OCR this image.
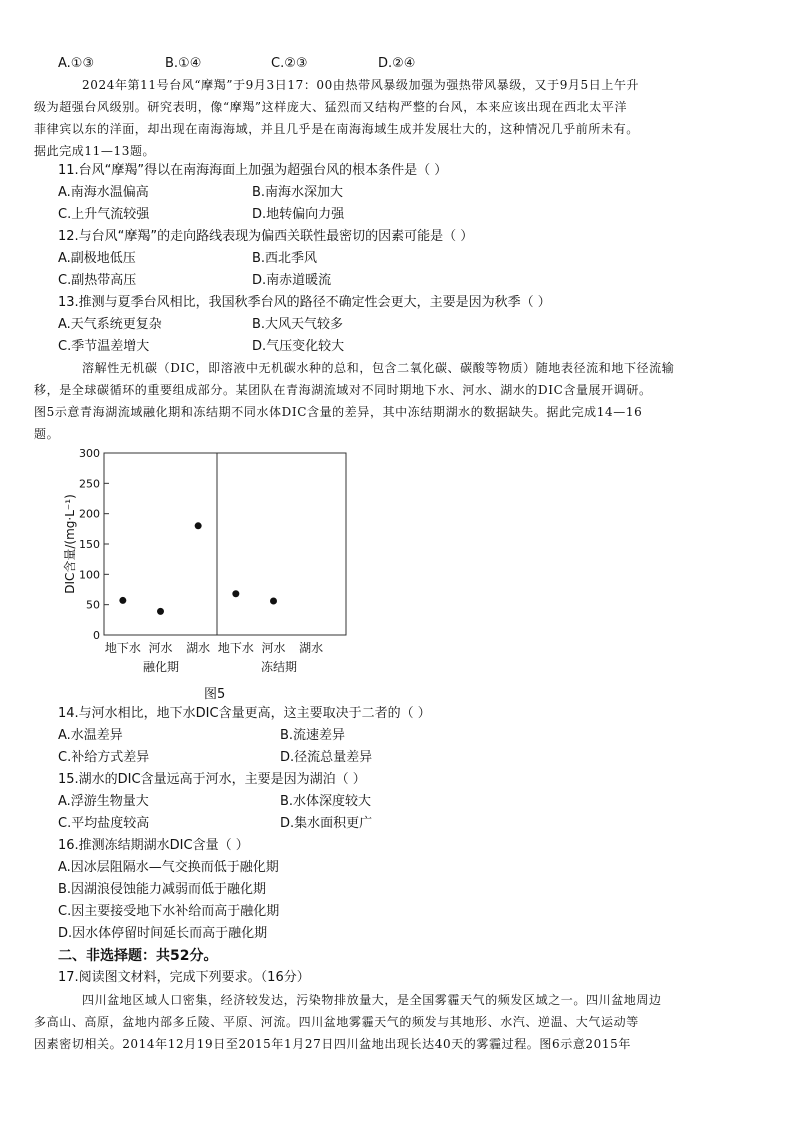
A.①③	B.①④	C.②③	D.②④
2024年第11号台风“摩羯”于9月3日17：00由热带风暴级加强为强热带风暴级，又于9月5日上午升
级为超强台风级别。研究表明，像“摩羯”这样庞大、猛烈而又结构严整的台风，本来应该出现在西北太平洋
菲律宾以东的洋面，却出现在南海海域，并且几乎是在南海海域生成并发展壮大的，这种情况几乎前所未有。
据此完成11—13题。
11.台风“摩羯”得以在南海海面上加强为超强台风的根本条件是（ ）
A.南海水温偏高	B.南海水深加大
C.上升气流较强	D.地转偏向力强
12.与台风“摩羯”的走向路线表现为偏西关联性最密切的因素可能是（ ）
A.副极地低压	B.西北季风
C.副热带高压	D.南赤道暖流
13.推测与夏季台风相比，我国秋季台风的路径不确定性会更大，主要是因为秋季（ ）
A.天气系统更复杂	B.大风天气较多
C.季节温差增大	D.气压变化较大
溶解性无机碳（DIC，即溶液中无机碳水种的总和，包含二氧化碳、碳酸等物质）随地表径流和地下径流输
移，是全球碳循环的重要组成部分。某团队在青海湖流域对不同时期地下水、河水、湖水的DIC含量展开调研。
图5示意青海湖流域融化期和冻结期不同水体DIC含量的差异，其中冻结期湖水的数据缺失。据此完成14—16
题。
DIC含量/(mg·L⁻¹)
0
50
100
150
200
250
300
地下水 河水 湖水 地下水 河水 湖水
融化期	冻结期
图5
14.与河水相比，地下水DIC含量更高，这主要取决于二者的（ ）
A.水温差异	B.流速差异
C.补给方式差异	D.径流总量差异
15.湖水的DIC含量远高于河水，主要是因为湖泊（ ）
A.浮游生物量大	B.水体深度较大
C.平均盐度较高	D.集水面积更广
16.推测冻结期湖水DIC含量（ ）
A.因冰层阻隔水—气交换而低于融化期
B.因湖浪侵蚀能力减弱而低于融化期
C.因主要接受地下水补给而高于融化期
D.因水体停留时间延长而高于融化期
二、非选择题：共52分。
17.阅读图文材料，完成下列要求。（16分）
四川盆地区域人口密集，经济较发达，污染物排放量大，是全国雾霾天气的频发区域之一。四川盆地周边
多高山、高原，盆地内部多丘陵、平原、河流。四川盆地雾霾天气的频发与其地形、水汽、逆温、大气运动等
因素密切相关。2014年12月19日至2015年1月27日四川盆地出现长达40天的雾霾过程。图6示意2015年
